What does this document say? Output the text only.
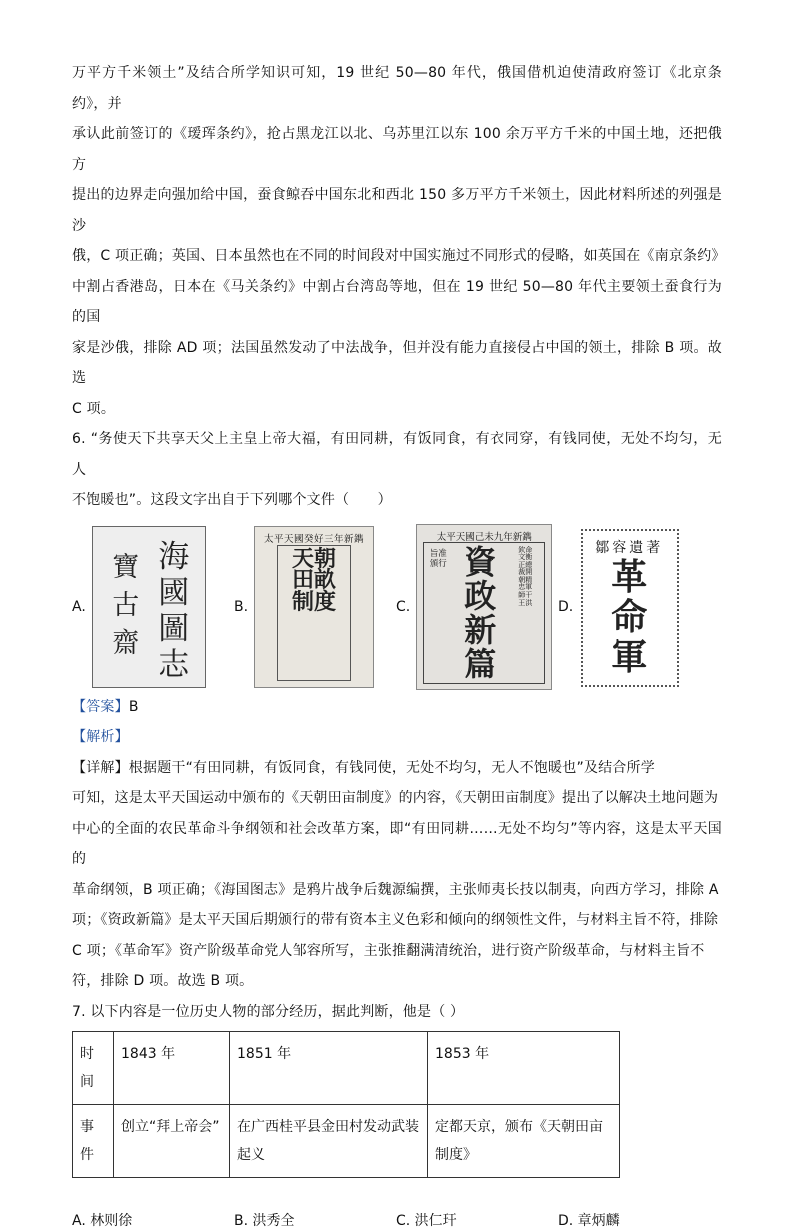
万平方千米领土”及结合所学知识可知，19 世纪 50—80 年代，俄国借机迫使清政府签订《北京条约》，并

承认此前签订的《瑷珲条约》，抢占黑龙江以北、乌苏里江以东 100 余万平方千米的中国土地，还把俄方

提出的边界走向强加给中国，蚕食鲸吞中国东北和西北 150 多万平方千米领土，因此材料所述的列强是沙

俄，C 项正确；英国、日本虽然也在不同的时间段对中国实施过不同形式的侵略，如英国在《南京条约》

中割占香港岛，日本在《马关条约》中割占台湾岛等地，但在 19 世纪 50—80 年代主要领土蚕食行为的国

家是沙俄，排除 AD 项；法国虽然发动了中法战争，但并没有能力直接侵占中国的领土，排除 B 项。故选

C 项。

6. “务使天下共享天父上主皇上帝大福，有田同耕，有饭同食，有衣同穿，有钱同使，无处不均匀，无人

不饱暖也”。这段文字出自于下列哪个文件（　　）

A.
海國圖志
寶古齋
B.
太平天國癸好三年新鐫
天朝田畝制度	C.
太平天國己未九年新鐫
旨准頒行 資政新篇
欽命文衡正總裁開朝精忠軍師干王洪 D.
鄒容遺著
革命軍

【答案】B

【解析】

【详解】根据题干“有田同耕，有饭同食，有钱同使，无处不均匀，无人不饱暖也”及结合所学

可知，这是太平天国运动中颁布的《天朝田亩制度》的内容，《天朝田亩制度》提出了以解决土地问题为

中心的全面的农民革命斗争纲领和社会改革方案，即“有田同耕……无处不均匀”等内容，这是太平天国的

革命纲领，B 项正确；《海国图志》是鸦片战争后魏源编撰，主张师夷长技以制夷，向西方学习，排除 A

项；《资政新篇》是太平天国后期颁行的带有资本主义色彩和倾向的纲领性文件，与材料主旨不符，排除

C 项；《革命军》资产阶级革命党人邹容所写，主张推翻满清统治，进行资产阶级革命，与材料主旨不

符，排除 D 项。故选 B 项。

7. 以下内容是一位历史人物的部分经历，据此判断，他是（ ）

时间	1843 年	1851 年	1853 年
事件	创立“拜上帝会”	在广西桂平县金田村发动武装起义	定都天京，颁布《天朝田亩制度》
A. 林则徐	B. 洪秀全	C. 洪仁玕	D. 章炳麟
